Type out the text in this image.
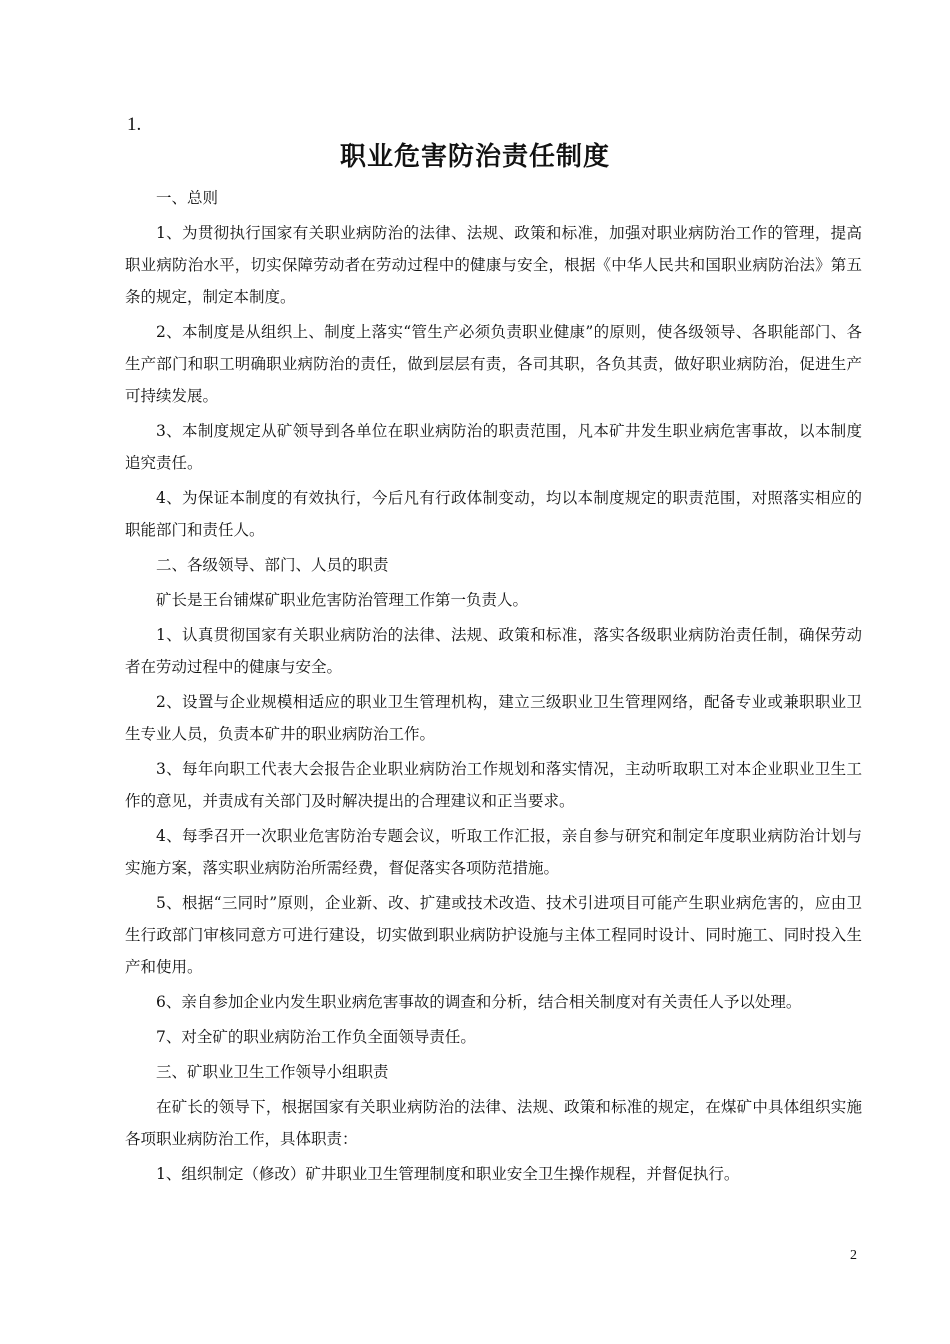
1.
职业危害防治责任制度

一、总则

1、为贯彻执行国家有关职业病防治的法律、法规、政策和标准，加强对职业病防治工作的管理，提高职业病防治水平，切实保障劳动者在劳动过程中的健康与安全，根据《中华人民共和国职业病防治法》第五条的规定，制定本制度。

2、本制度是从组织上、制度上落实“管生产必须负责职业健康”的原则，使各级领导、各职能部门、各生产部门和职工明确职业病防治的责任，做到层层有责，各司其职，各负其责，做好职业病防治，促进生产可持续发展。

3、本制度规定从矿领导到各单位在职业病防治的职责范围，凡本矿井发生职业病危害事故，以本制度追究责任。

4、为保证本制度的有效执行，今后凡有行政体制变动，均以本制度规定的职责范围，对照落实相应的职能部门和责任人。

二、各级领导、部门、人员的职责

矿长是王台铺煤矿职业危害防治管理工作第一负责人。

1、认真贯彻国家有关职业病防治的法律、法规、政策和标准，落实各级职业病防治责任制，确保劳动者在劳动过程中的健康与安全。

2、设置与企业规模相适应的职业卫生管理机构，建立三级职业卫生管理网络，配备专业或兼职职业卫生专业人员，负责本矿井的职业病防治工作。

3、每年向职工代表大会报告企业职业病防治工作规划和落实情况，主动听取职工对本企业职业卫生工作的意见，并责成有关部门及时解决提出的合理建议和正当要求。

4、每季召开一次职业危害防治专题会议，听取工作汇报，亲自参与研究和制定年度职业病防治计划与实施方案，落实职业病防治所需经费，督促落实各项防范措施。

5、根据“三同时”原则，企业新、改、扩建或技术改造、技术引进项目可能产生职业病危害的，应由卫生行政部门审核同意方可进行建设，切实做到职业病防护设施与主体工程同时设计、同时施工、同时投入生产和使用。

6、亲自参加企业内发生职业病危害事故的调查和分析，结合相关制度对有关责任人予以处理。

7、对全矿的职业病防治工作负全面领导责任。

三、矿职业卫生工作领导小组职责

在矿长的领导下，根据国家有关职业病防治的法律、法规、政策和标准的规定，在煤矿中具体组织实施各项职业病防治工作，具体职责：

1、组织制定（修改）矿井职业卫生管理制度和职业安全卫生操作规程，并督促执行。

2
